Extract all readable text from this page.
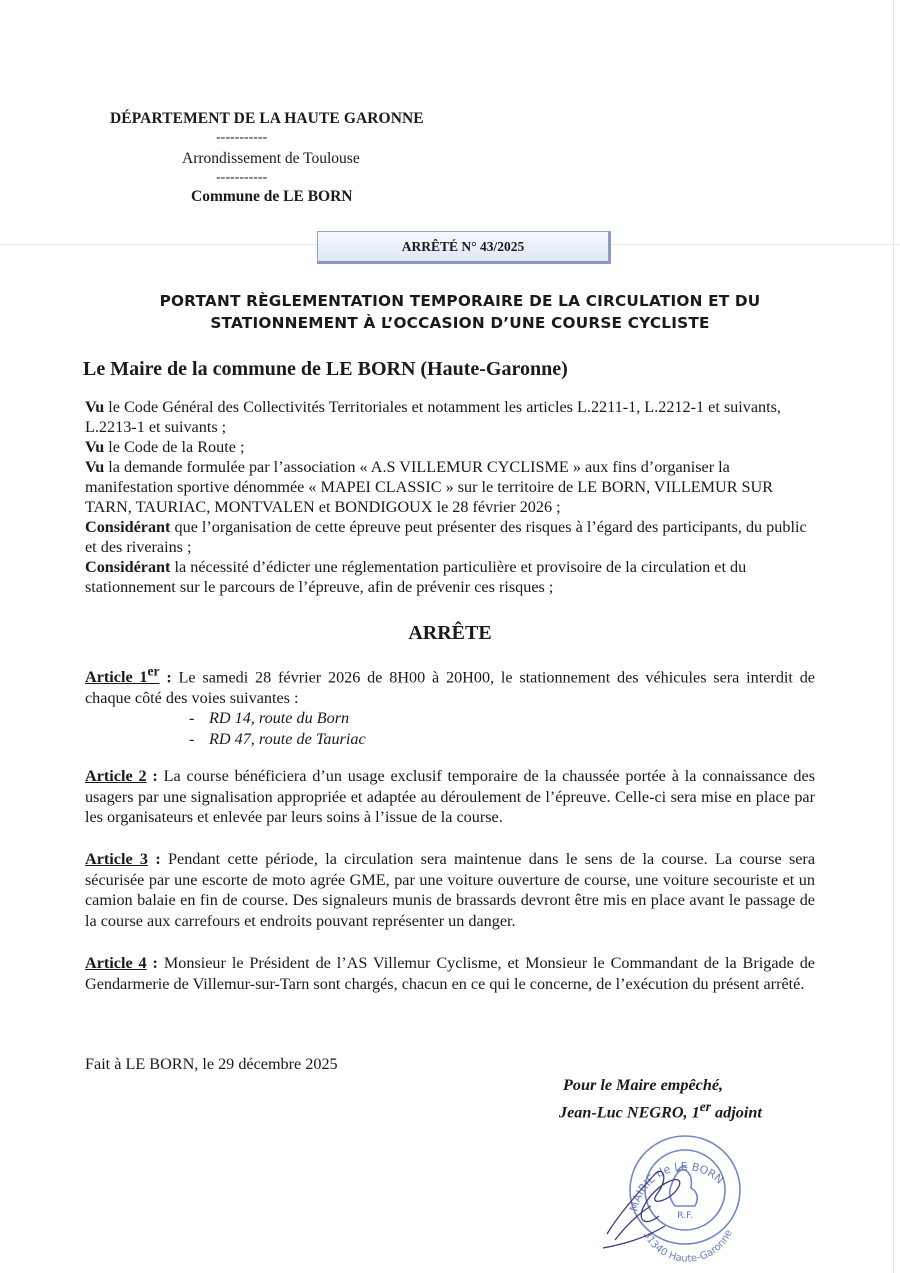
DÉPARTEMENT DE LA HAUTE GARONNE
-----------
Arrondissement de Toulouse
-----------
Commune de LE BORN
ARRÊTÉ N° 43/2025
PORTANT RÈGLEMENTATION TEMPORAIRE DE LA CIRCULATION ET DU
STATIONNEMENT À L’OCCASION D’UNE COURSE CYCLISTE
Le Maire de la commune de LE BORN (Haute-Garonne)

Vu le Code Général des Collectivités Territoriales et notamment les articles L.2211-1, L.2212-1 et suivants, L.2213-1 et suivants ;

Vu le Code de la Route ;

Vu la demande formulée par l’association « A.S VILLEMUR CYCLISME » aux fins d’organiser la manifestation sportive dénommée « MAPEI CLASSIC » sur le territoire de LE BORN, VILLEMUR SUR TARN, TAURIAC, MONTVALEN et BONDIGOUX le 28 février 2026 ;

Considérant que l’organisation de cette épreuve peut présenter des risques à l’égard des participants, du public et des riverains ;

Considérant la nécessité d’édicter une réglementation particulière et provisoire de la circulation et du stationnement sur le parcours de l’épreuve, afin de prévenir ces risques ;

ARRÊTE

Article 1er : Le samedi 28 février 2026 de 8H00 à 20H00, le stationnement des véhicules sera interdit de chaque côté des voies suivantes :

- RD 14, route du Born
- RD 47, route de Tauriac

Article 2 : La course bénéficiera d’un usage exclusif temporaire de la chaussée portée à la connaissance des usagers par une signalisation appropriée et adaptée au déroulement de l’épreuve. Celle-ci sera mise en place par les organisateurs et enlevée par leurs soins à l’issue de la course.

Article 3 : Pendant cette période, la circulation sera maintenue dans le sens de la course. La course sera sécurisée par une escorte de moto agrée GME, par une voiture ouverture de course, une voiture secouriste et un camion balaie en fin de course. Des signaleurs munis de brassards devront être mis en place avant le passage de la course aux carrefours et endroits pouvant représenter un danger.

Article 4 : Monsieur le Président de l’AS Villemur Cyclisme, et Monsieur le Commandant de la Brigade de Gendarmerie de Villemur-sur-Tarn sont chargés, chacun en ce qui le concerne, de l’exécution du présent arrêté.

Fait à LE BORN, le 29 décembre 2025
Pour le Maire empêché,
Jean-Luc NEGRO, 1er adjoint
MAIRIE de LE BORN
R.F.
31340 Haute-Garonne
